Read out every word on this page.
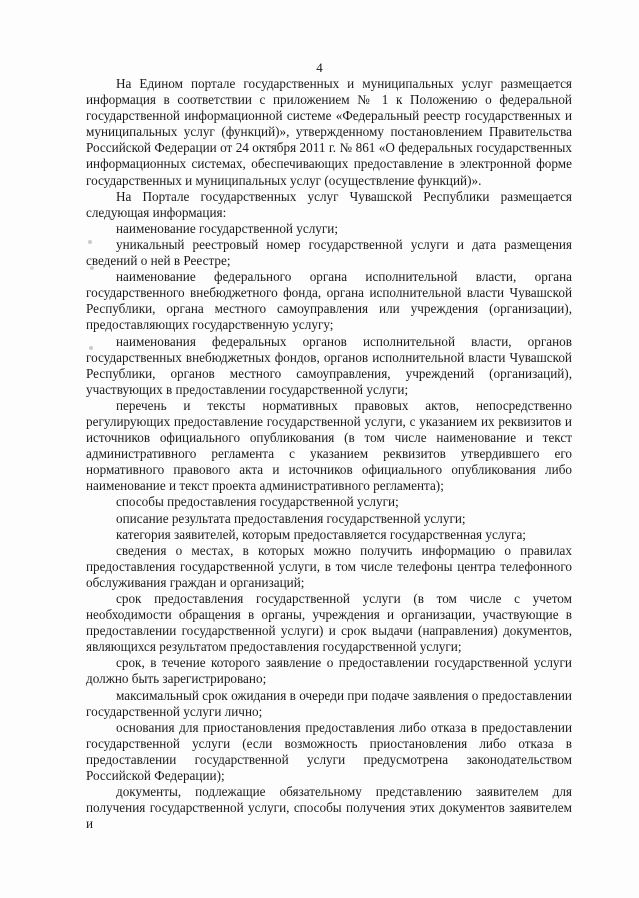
4

На Едином портале государственных и муниципальных услуг размещается информация в соответствии с приложением № 1 к Положению о федеральной государственной информационной системе «Федеральный реестр государственных и муниципальных услуг (функций)», утвержденному постановлением Правительства Российской Федерации от 24 октября 2011 г. № 861 «О федеральных государственных информационных системах, обеспечивающих предоставление в электронной форме государственных и муниципальных услуг (осуществление функций)».

На Портале государственных услуг Чувашской Республики размещается следующая информация:

наименование государственной услуги;

уникальный реестровый номер государственной услуги и дата размещения сведений о ней в Реестре;

наименование федерального органа исполнительной власти, органа государственного внебюджетного фонда, органа исполнительной власти Чувашской Республики, органа местного самоуправления или учреждения (организации), предоставляющих государственную услугу;

наименования федеральных органов исполнительной власти, органов государственных внебюджетных фондов, органов исполнительной власти Чувашской Республики, органов местного самоуправления, учреждений (организаций), участвующих в предоставлении государственной услуги;

перечень и тексты нормативных правовых актов, непосредственно регулирующих предоставление государственной услуги, с указанием их реквизитов и источников официального опубликования (в том числе наименование и текст административного регламента с указанием реквизитов утвердившего его нормативного правового акта и источников официального опубликования либо наименование и текст проекта административного регламента);

способы предоставления государственной услуги;

описание результата предоставления государственной услуги;

категория заявителей, которым предоставляется государственная услуга;

сведения о местах, в которых можно получить информацию о правилах предоставления государственной услуги, в том числе телефоны центра телефонного обслуживания граждан и организаций;

срок предоставления государственной услуги (в том числе с учетом необходимости обращения в органы, учреждения и организации, участвующие в предоставлении государственной услуги) и срок выдачи (направления) документов, являющихся результатом предоставления государственной услуги;

срок, в течение которого заявление о предоставлении государственной услуги должно быть зарегистрировано;

максимальный срок ожидания в очереди при подаче заявления о предоставлении государственной услуги лично;

основания для приостановления предоставления либо отказа в предоставлении государственной услуги (если возможность приостановления либо отказа в предоставлении государственной услуги предусмотрена законодательством Российской Федерации);

документы, подлежащие обязательному представлению заявителем для получения государственной услуги, способы получения этих документов заявителем и
